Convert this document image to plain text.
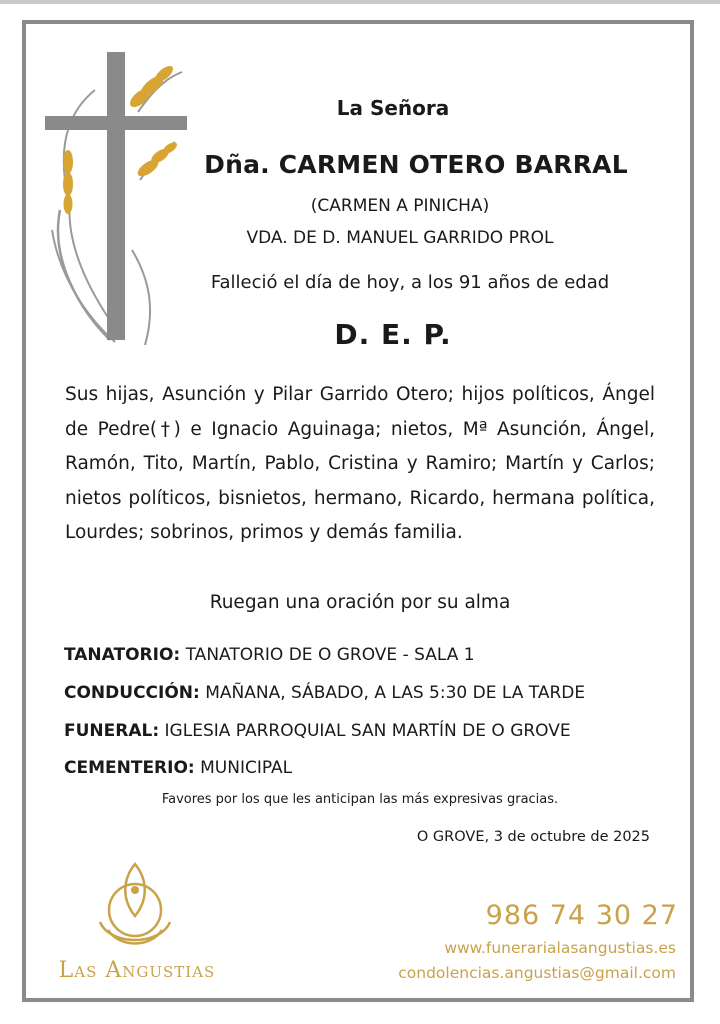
La Señora
Dña. CARMEN OTERO BARRAL
(CARMEN A PINICHA)
VDA. DE D. MANUEL GARRIDO PROL
Falleció el día de hoy, a los 91 años de edad
D. E. P.
Sus hijas, Asunción y Pilar Garrido Otero; hijos políticos, Ángel de Pedre(†) e Ignacio Aguinaga; nietos, Mª Asunción, Ángel, Ramón, Tito, Martín, Pablo, Cristina y Ramiro; Martín y Carlos; nietos políticos, bisnietos, hermano, Ricardo, hermana política, Lourdes; sobrinos, primos y demás familia.
Ruegan una oración por su alma
TANATORIO: TANATORIO DE O GROVE - SALA 1
CONDUCCIÓN: MAÑANA, SÁBADO, A LAS 5:30 DE LA TARDE
FUNERAL: IGLESIA PARROQUIAL SAN MARTÍN DE O GROVE
CEMENTERIO: MUNICIPAL
Favores por los que les anticipan las más expresivas gracias.
O GROVE, 3 de octubre de 2025
Las Angustias
986 74 30 27
www.funerarialasangustias.es
condolencias.angustias@gmail.com
